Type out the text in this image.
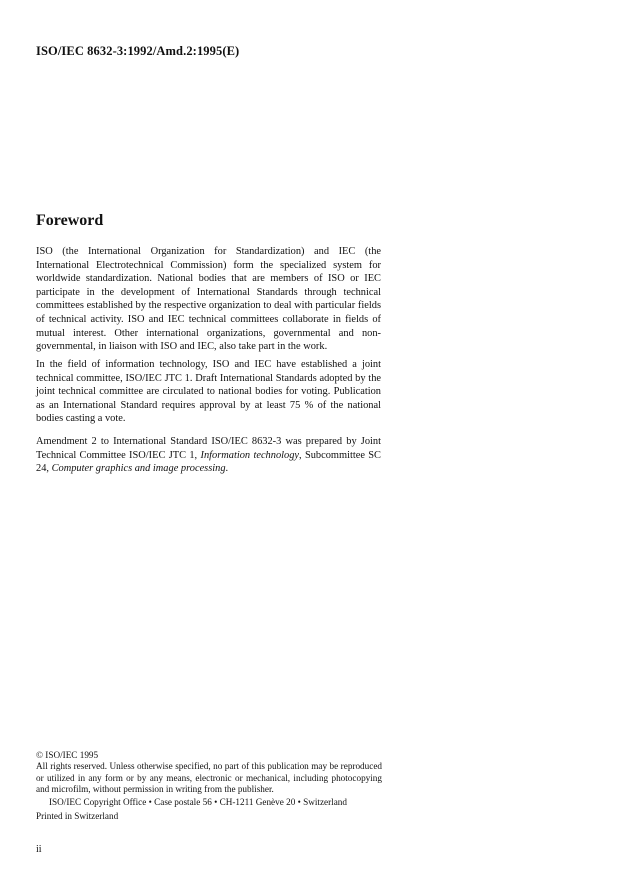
ISO/IEC 8632-3:1992/Amd.2:1995(E)
Foreword

ISO (the International Organization for Standardization) and IEC (the International Electrotechnical Commission) form the specialized system for worldwide standardization. National bodies that are members of ISO or IEC participate in the development of International Standards through technical committees established by the respective organization to deal with particular fields of technical activity. ISO and IEC technical committees collaborate in fields of mutual interest. Other international organizations, governmental and non-governmental, in liaison with ISO and IEC, also take part in the work.

In the field of information technology, ISO and IEC have established a joint technical committee, ISO/IEC JTC 1. Draft International Standards adopted by the joint technical committee are circulated to national bodies for voting. Publication as an International Standard requires approval by at least 75 % of the national bodies casting a vote.

Amendment 2 to International Standard ISO/IEC 8632-3 was prepared by Joint Technical Committee ISO/IEC JTC 1, Information technology, Subcommittee SC 24, Computer graphics and image processing.

© ISO/IEC 1995
All rights reserved. Unless otherwise specified, no part of this publication may be reproduced or utilized in any form or by any means, electronic or mechanical, including photocopying and microfilm, without permission in writing from the publisher.
ISO/IEC Copyright Office • Case postale 56 • CH-1211 Genève 20 • Switzerland
Printed in Switzerland
ii
